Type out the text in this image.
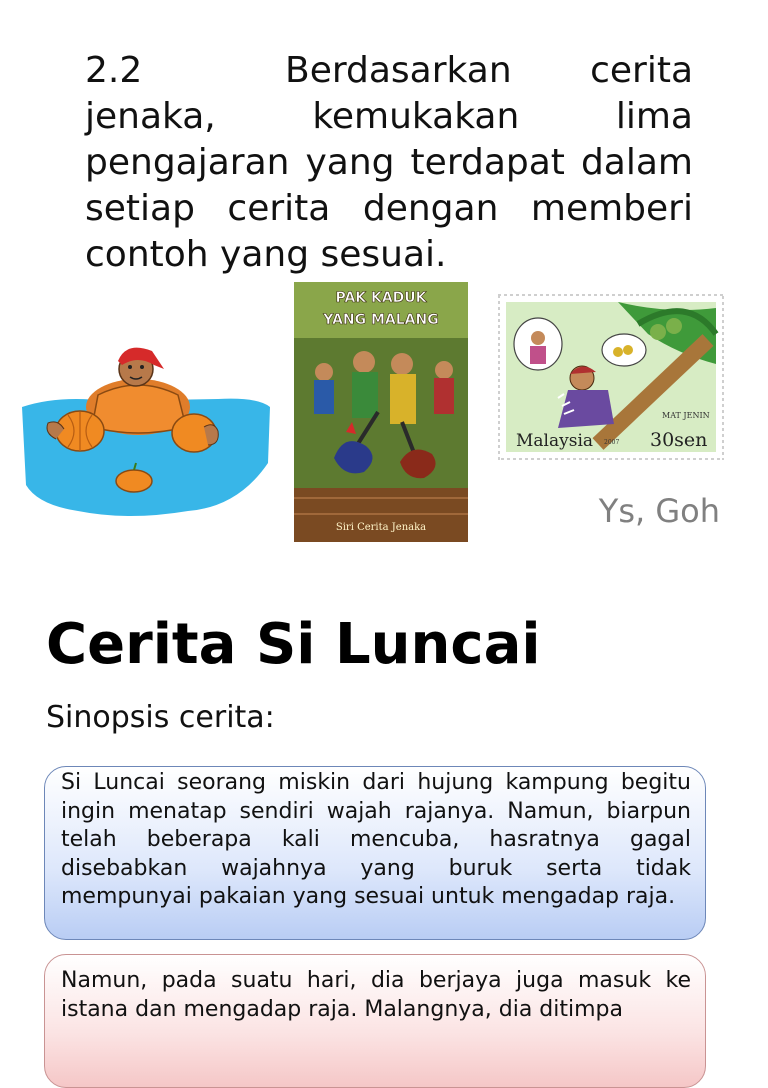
2.2	Berdasarkan cerita jenaka, kemukakan lima pengajaran yang terdapat dalam setiap cerita dengan memberi contoh yang sesuai.

PAK KADUK
YANG MALANG
Siri Cerita Jenaka
MAT JENIN
Malaysia 2007 30sen

Ys, Goh

Cerita Si Luncai

Sinopsis cerita:

Si Luncai seorang miskin dari hujung kampung begitu ingin menatap sendiri wajah rajanya. Namun, biarpun telah beberapa kali mencuba, hasratnya gagal disebabkan wajahnya yang buruk serta tidak mempunyai pakaian yang sesuai untuk mengadap raja.
Namun, pada suatu hari, dia berjaya juga masuk ke istana dan mengadap raja. Malangnya, dia ditimpa
